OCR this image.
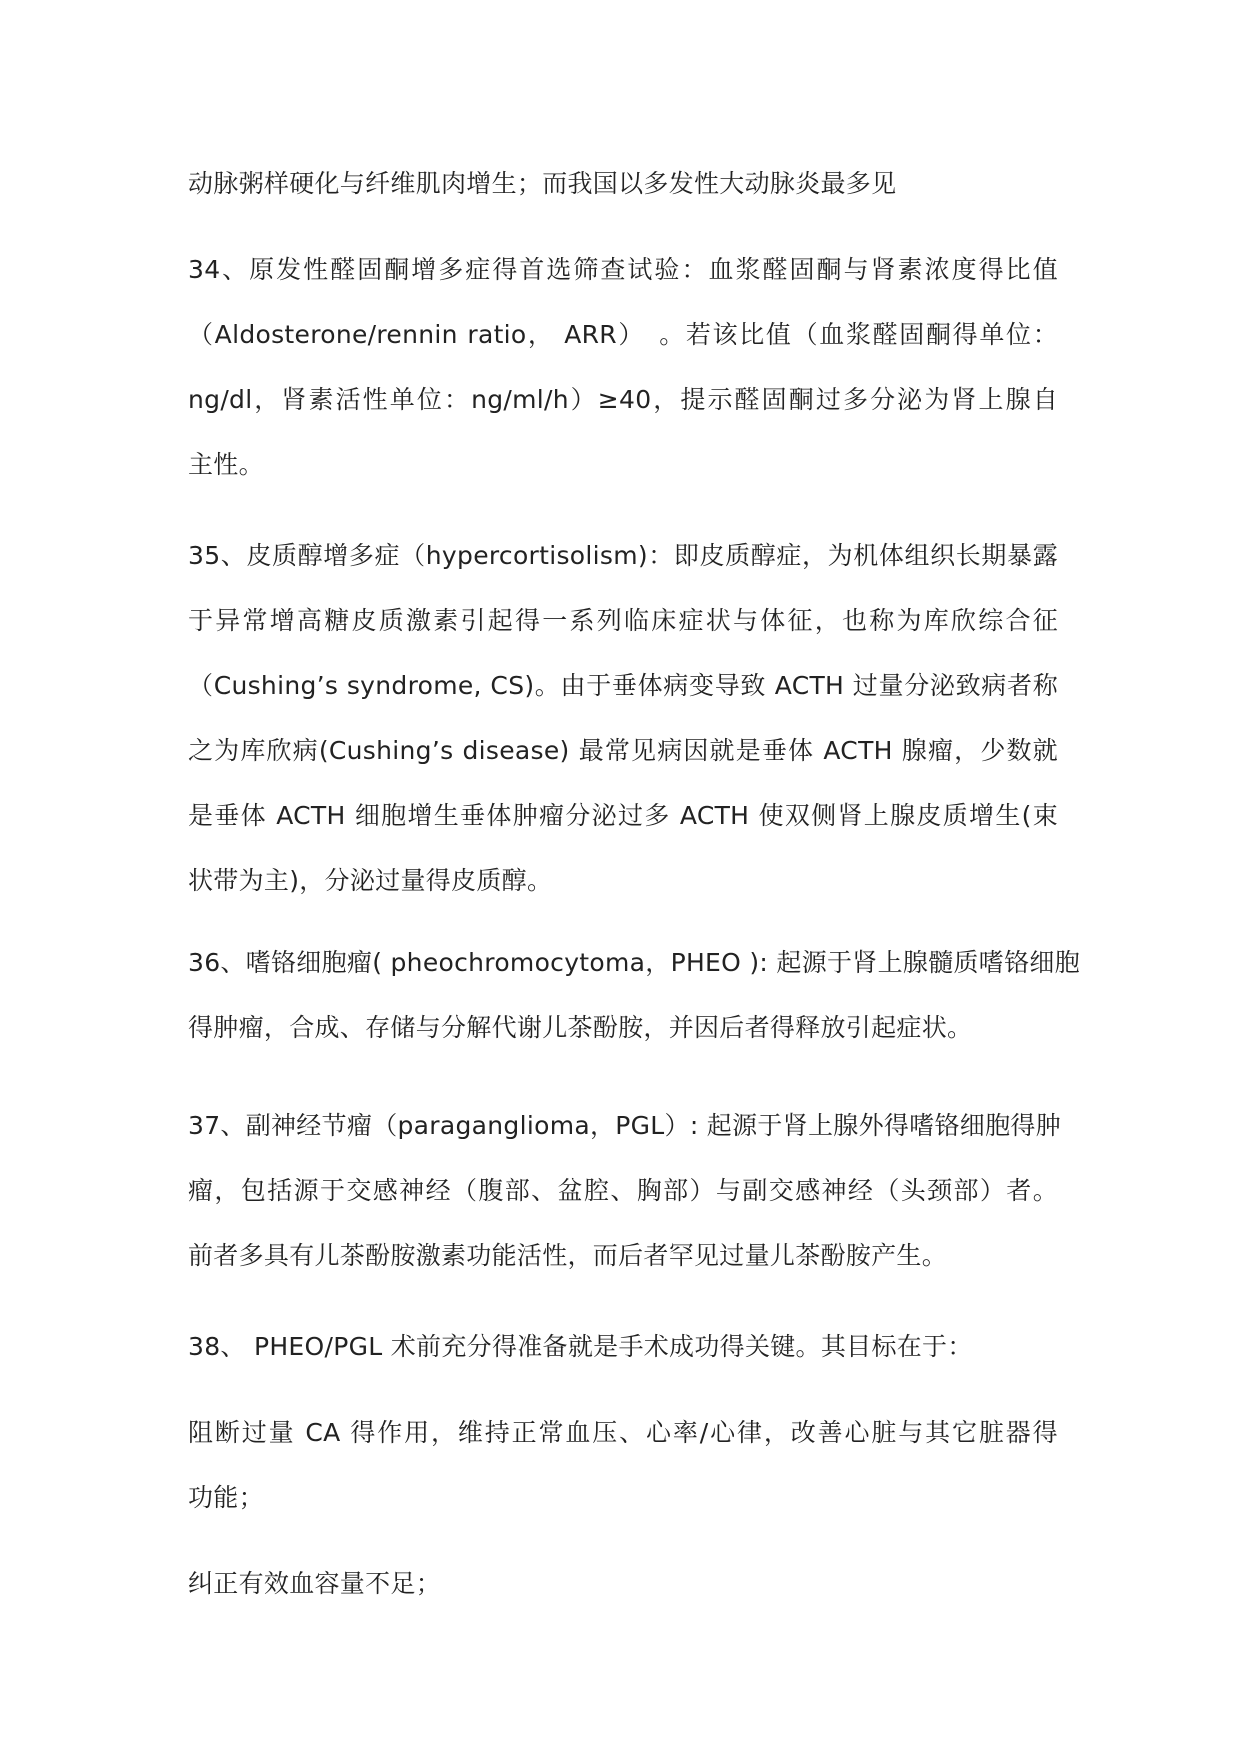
动脉粥样硬化与纤维肌肉增生；而我国以多发性大动脉炎最多见
34、原发性醛固酮增多症得首选筛查试验：血浆醛固酮与肾素浓度得比值
（Aldosterone/rennin ratio， ARR）　。若该比值（血浆醛固酮得单位：
ng/dl，肾素活性单位：ng/ml/h）≥40，提示醛固酮过多分泌为肾上腺自
主性。
35、皮质醇增多症（hypercortisolism)：即皮质醇症，为机体组织长期暴露
于异常增高糖皮质激素引起得一系列临床症状与体征，也称为库欣综合征
（Cushing’s syndrome, CS)。由于垂体病变导致 ACTH 过量分泌致病者称
之为库欣病(Cushing’s disease) 最常见病因就是垂体 ACTH 腺瘤，少数就
是垂体 ACTH 细胞增生垂体肿瘤分泌过多 ACTH 使双侧肾上腺皮质增生(束
状带为主)，分泌过量得皮质醇。
36、嗜铬细胞瘤( pheochromocytoma，PHEO ): 起源于肾上腺髓质嗜铬细胞
得肿瘤，合成、存储与分解代谢儿茶酚胺，并因后者得释放引起症状。
37、副神经节瘤（paraganglioma，PGL）: 起源于肾上腺外得嗜铬细胞得肿
瘤，包括源于交感神经（腹部、盆腔、胸部）与副交感神经（头颈部）者。
前者多具有儿茶酚胺激素功能活性，而后者罕见过量儿茶酚胺产生。
38、 PHEO/PGL 术前充分得准备就是手术成功得关键。其目标在于：
阻断过量 CA 得作用，维持正常血压、心率/心律，改善心脏与其它脏器得
功能；
纠正有效血容量不足；
